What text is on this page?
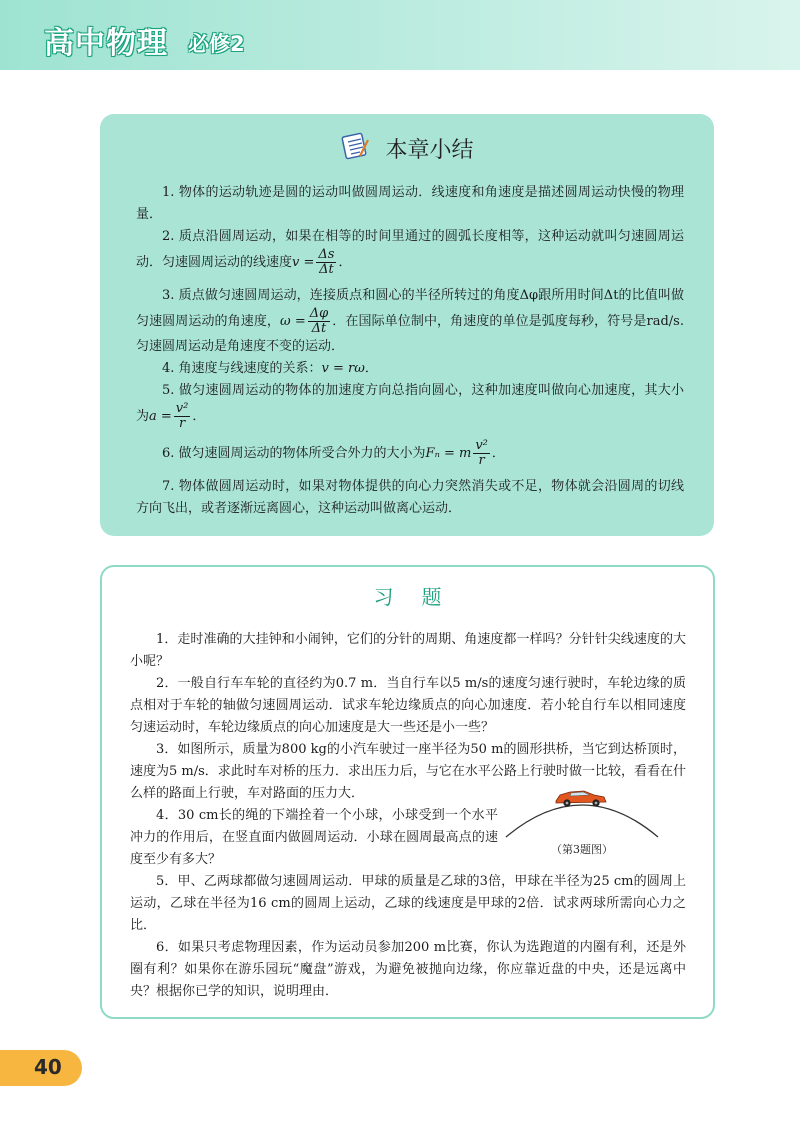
高中物理 必修2
本章小结

1. 物体的运动轨迹是圆的运动叫做圆周运动．线速度和角速度是描述圆周运动快慢的物理量．

2. 质点沿圆周运动，如果在相等的时间里通过的圆弧长度相等，这种运动就叫匀速圆周运动．匀速圆周运动的线速度$v = \frac{\Delta s}{\Delta t}$ ．

3. 质点做匀速圆周运动，连接质点和圆心的半径所转过的角度Δφ跟所用时间Δt的比值叫做匀速圆周运动的角速度，$\omega = \frac{\Delta\varphi}{\Delta t}$ ．在国际单位制中，角速度的单位是弧度每秒，符号是rad/s. 匀速圆周运动是角速度不变的运动．

4. 角速度与线速度的关系：v = rω．

5. 做匀速圆周运动的物体的加速度方向总指向圆心，这种加速度叫做向心加速度，其大小为$a = \frac{\text{v²}}{r}$ ．

6. 做匀速圆周运动的物体所受合外力的大小为Fₙ = m $\frac{\text{v²}}{r}$ ．

7. 物体做圆周运动时，如果对物体提供的向心力突然消失或不足，物体就会沿圆周的切线方向飞出，或者逐渐远离圆心，这种运动叫做离心运动．

习题

1．走时准确的大挂钟和小闹钟，它们的分针的周期、角速度都一样吗？分针针尖线速度的大小呢？

2．一般自行车车轮的直径约为0.7 m．当自行车以5 m/s的速度匀速行驶时，车轮边缘的质点相对于车轮的轴做匀速圆周运动．试求车轮边缘质点的向心加速度．若小轮自行车以相同速度匀速运动时，车轮边缘质点的向心加速度是大一些还是小一些？

3．如图所示，质量为800 kg的小汽车驶过一座半径为50 m的圆形拱桥，当它到达桥顶时，速度为5 m/s．求此时车对桥的压力．求出压力后，与它在水平公路上行驶时做一比较，看看在什么样的路面上行驶，车对路面的压力大．

4．30 cm长的绳的下端拴着一个小球，小球受到一个水平冲力的作用后，在竖直面内做圆周运动．小球在圆周最高点的速度至少有多大？

5．甲、乙两球都做匀速圆周运动．甲球的质量是乙球的3倍，甲球在半径为25 cm的圆周上运动，乙球在半径为16 cm的圆周上运动，乙球的线速度是甲球的2倍．试求两球所需向心力之比．

6．如果只考虑物理因素，作为运动员参加200 m比赛，你认为选跑道的内圈有利，还是外圈有利？如果你在游乐园玩“魔盘”游戏，为避免被抛向边缘，你应靠近盘的中央，还是远离中央？根据你已学的知识，说明理由．

（第3题图）
40
